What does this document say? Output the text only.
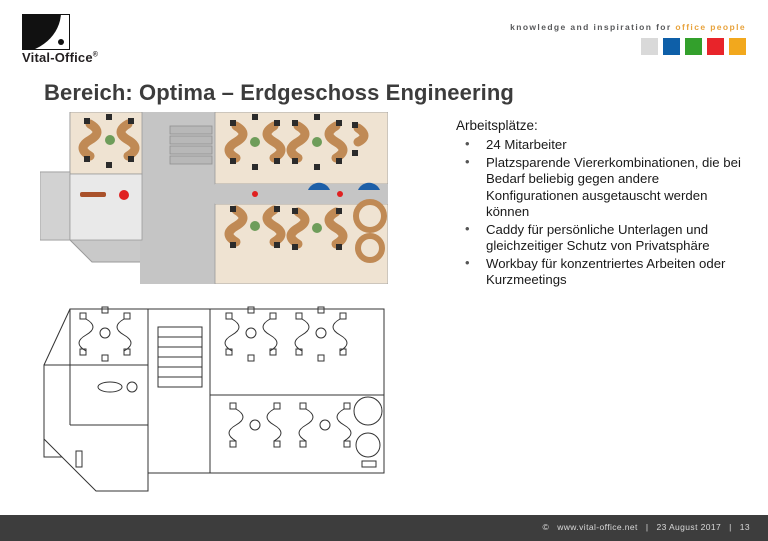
Vital-Office®
knowledge and inspiration for office people
Bereich: Optima – Erdgeschoss Engineering
Arbeitsplätze:
• 24 Mitarbeiter
• Platzsparende Viererkombinationen, die bei Bedarf beliebig gegen andere Konfigurationen ausgetauscht werden können
• Caddy für persönliche Unterlagen und gleichzeitiger Schutz von Privatsphäre
• Workbay für konzentriertes Arbeiten oder Kurzmeetings
© www.vital-office.net | 23 August 2017 | 13
